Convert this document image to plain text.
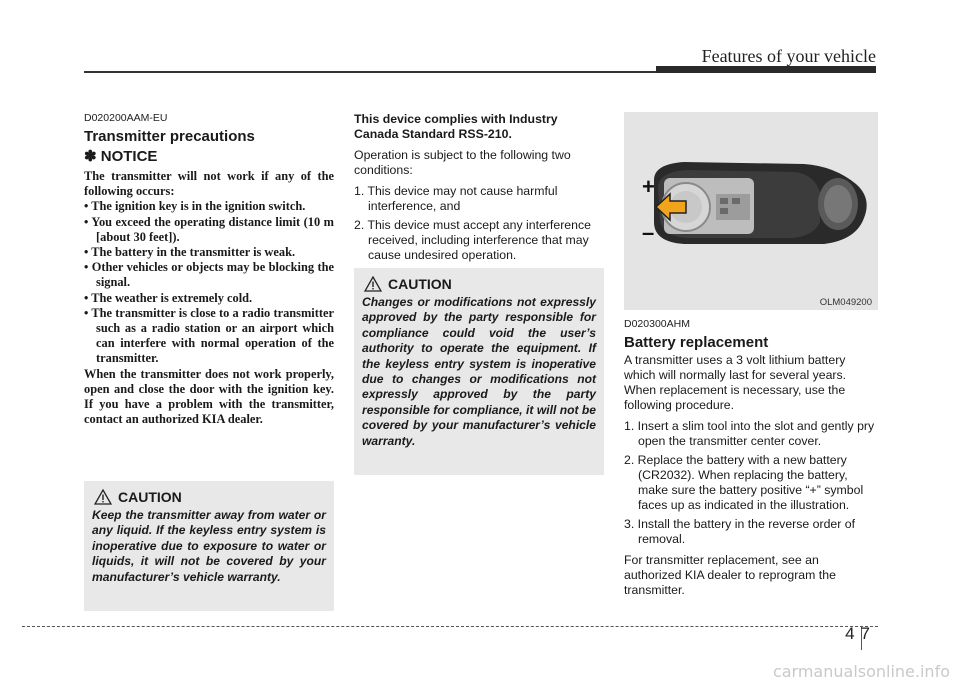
Features of your vehicle
D020200AAM-EU
Transmitter precautions
✽ NOTICE
The transmitter will not work if any of the following occurs:
• The ignition key is in the ignition switch.
• You exceed the operating distance limit (10 m [about 30 feet]).
• The battery in the transmitter is weak.
• Other vehicles or objects may be blocking the signal.
• The weather is extremely cold.
• The transmitter is close to a radio transmitter such as a radio station or an airport which can interfere with normal operation of the transmitter.
When the transmitter does not work properly, open and close the door with the ignition key. If you have a problem with the transmitter, contact an authorized KIA dealer.
CAUTION
Keep the transmitter away from water or any liquid. If the keyless entry system is inoperative due to exposure to water or liquids, it will not be covered by your manufacturer’s vehicle warranty.

This device complies with Industry Canada Standard RSS-210.

Operation is subject to the following two conditions:

1. This device may not cause harmful interference, and
2. This device must accept any interference received, including interference that may cause undesired operation.
CAUTION
Changes or modifications not expressly approved by the party responsible for compliance could void the user’s authority to operate the equipment. If the keyless entry system is inoperative due to changes or modifications not expressly approved by the party responsible for compliance, it will not be covered by your manufacturer’s vehicle warranty.
+
–
OLM049200
D020300AHM
Battery replacement

A transmitter uses a 3 volt lithium battery which will normally last for several years. When replacement is necessary, use the following procedure.

1. Insert a slim tool into the slot and gently pry open the transmitter center cover.
2. Replace the battery with a new battery (CR2032). When replacing the battery, make sure the battery positive “+” symbol faces up as indicated in the illustration.
3. Install the battery in the reverse order of removal.

For transmitter replacement, see an authorized KIA dealer to reprogram the transmitter.

47
carmanualsonline.info
